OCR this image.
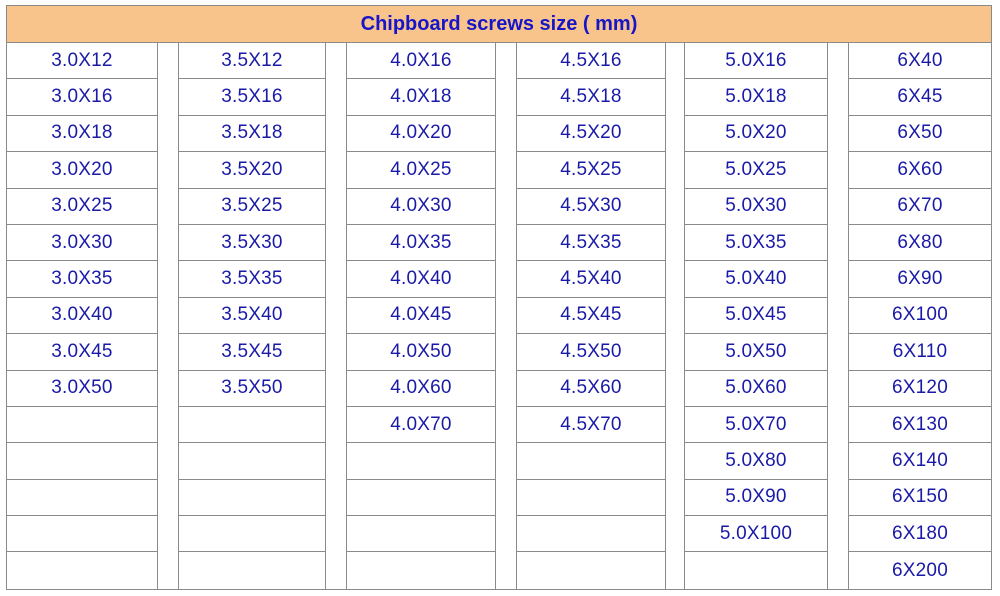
Chipboard screws size ( mm)
3.0X12
3.0X16
3.0X18
3.0X20
3.0X25
3.0X30
3.0X35
3.0X40
3.0X45
3.0X50
3.5X12
3.5X16
3.5X18
3.5X20
3.5X25
3.5X30
3.5X35
3.5X40
3.5X45
3.5X50
4.0X16
4.0X18
4.0X20
4.0X25
4.0X30
4.0X35
4.0X40
4.0X45
4.0X50
4.0X60
4.0X70
4.5X16
4.5X18
4.5X20
4.5X25
4.5X30
4.5X35
4.5X40
4.5X45
4.5X50
4.5X60
4.5X70
5.0X16
5.0X18
5.0X20
5.0X25
5.0X30
5.0X35
5.0X40
5.0X45
5.0X50
5.0X60
5.0X70
5.0X80
5.0X90
5.0X100
6X40
6X45
6X50
6X60
6X70
6X80
6X90
6X100
6X110
6X120
6X130
6X140
6X150
6X180
6X200
